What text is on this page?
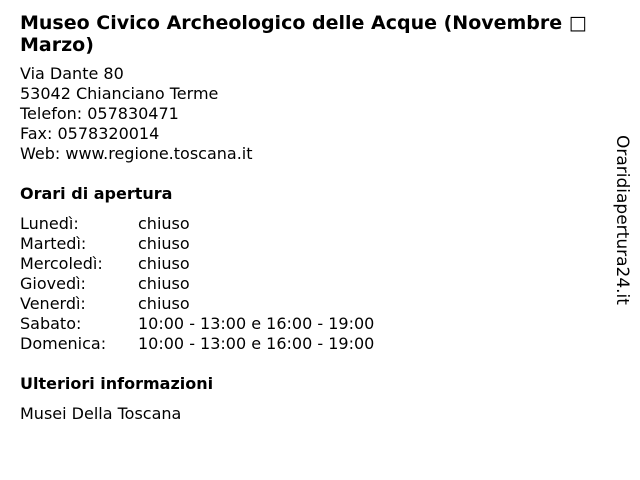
Museo Civico Archeologico delle Acque (Novembre □ Marzo)
Via Dante 80
53042 Chianciano Terme
Telefon: 057830471
Fax: 0578320014
Web: www.regione.toscana.it
Orari di apertura
Lunedì:	chiuso
Martedì:	chiuso
Mercoledì:	chiuso
Giovedì:	chiuso
Venerdì:	chiuso
Sabato:	10:00 - 13:00 e 16:00 - 19:00
Domenica:	10:00 - 13:00 e 16:00 - 19:00
Ulteriori informazioni
Musei Della Toscana
Oraridiapertura24.it
